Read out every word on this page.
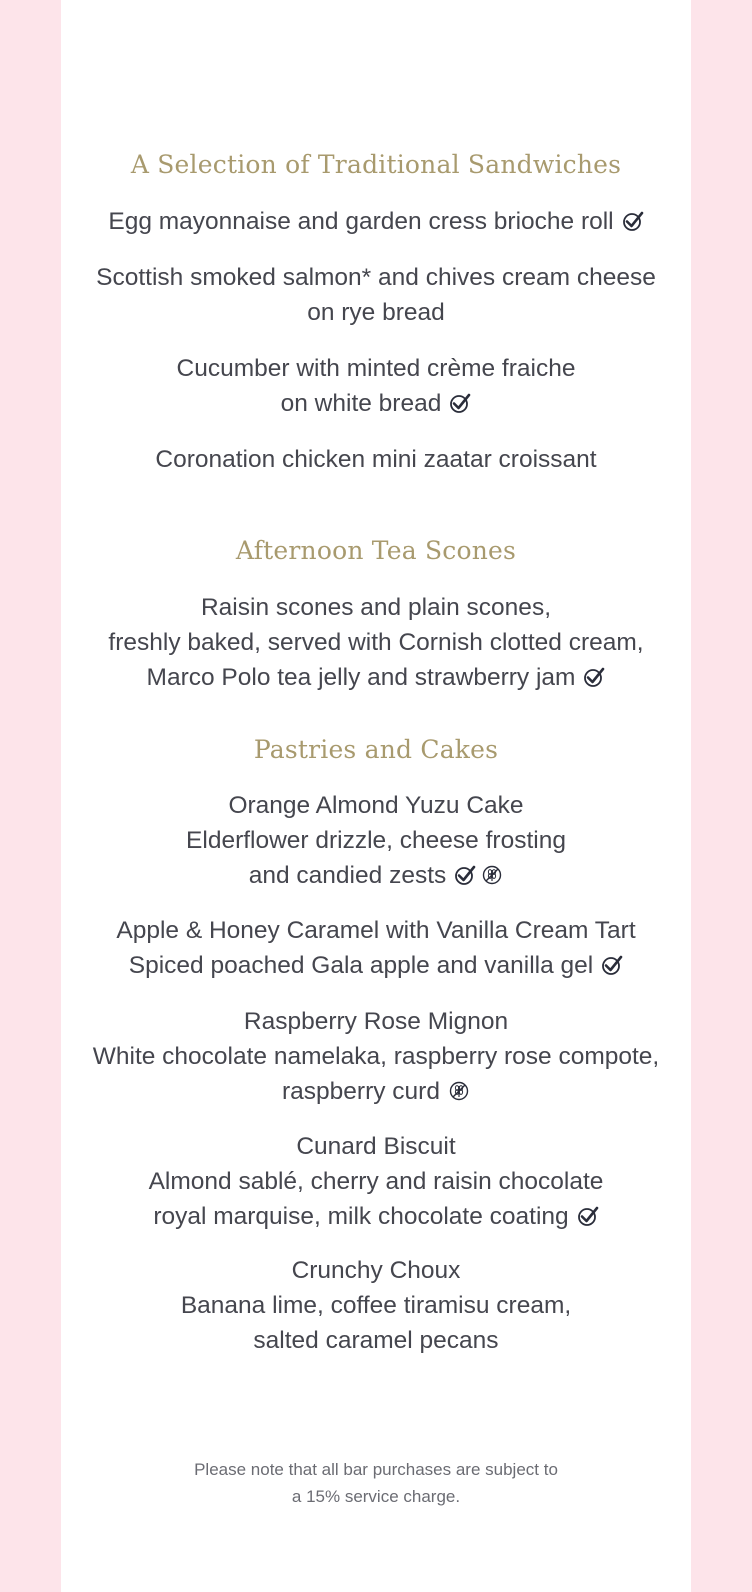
A Selection of Traditional Sandwiches

Egg mayonnaise and garden cress brioche roll

Scottish smoked salmon* and chives cream cheese
on rye bread

Cucumber with minted crème fraiche
on white bread

Coronation chicken mini zaatar croissant

Afternoon Tea Scones

Raisin scones and plain scones,
freshly baked, served with Cornish clotted cream,
Marco Polo tea jelly and strawberry jam

Pastries and Cakes

Orange Almond Yuzu Cake
Elderflower drizzle, cheese frosting
and candied zests

Apple & Honey Caramel with Vanilla Cream Tart
Spiced poached Gala apple and vanilla gel

Raspberry Rose Mignon
White chocolate namelaka, raspberry rose compote,
raspberry curd

Cunard Biscuit
Almond sablé, cherry and raisin chocolate
royal marquise, milk chocolate coating

Crunchy Choux
Banana lime, coffee tiramisu cream,
salted caramel pecans

Please note that all bar purchases are subject to
a 15% service charge.
